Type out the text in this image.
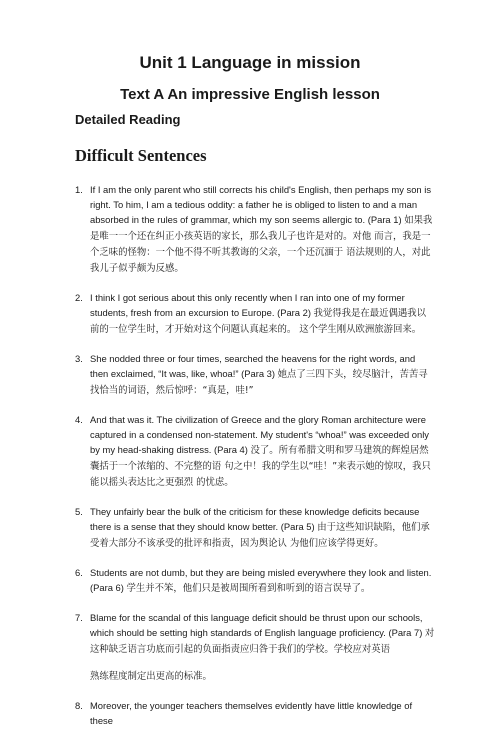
Unit 1 Language in mission
Text A An impressive English lesson
Detailed Reading
Difficult Sentences
1. If I am the only parent who still corrects his child's English, then perhaps my son is right. To him, I am a tedious oddity: a father he is obliged to listen to and a man absorbed in the rules of grammar, which my son seems allergic to. (Para 1) 如果我是唯一一个还在纠正小孩英语的家长，那么我儿子也许是对的。对他 而言，我是一个乏味的怪物：一个他不得不听其教诲的父亲，一个还沉湎于 语法规则的人，对此我儿子似乎颇为反感。
2. I think I got serious about this only recently when I ran into one of my former students, fresh from an excursion to Europe. (Para 2) 我觉得我是在最近偶遇我以前的一位学生时，才开始对这个问题认真起来的。 这个学生刚从欧洲旅游回来。
3. She nodded three or four times, searched the heavens for the right words, and then exclaimed, “It was, like, whoa!” (Para 3) 她点了三四下头，绞尽脑汁，苦苦寻找恰当的词语，然后惊呼：“真是，哇!”
4. And that was it. The civilization of Greece and the glory Roman architecture were captured in a condensed non-statement. My student's “whoa!” was exceeded only by my head-shaking distress. (Para 4) 没了。所有希腊文明和罗马建筑的辉煌居然囊括于一个浓缩的、不完整的语 句之中！我的学生以“哇！”来表示她的惊叹，我只能以摇头表达比之更强烈 的忧虑。
5. They unfairly bear the bulk of the criticism for these knowledge deficits because there is a sense that they should know better. (Para 5) 由于这些知识缺陷，他们承受着大部分不该承受的批评和指责，因为舆论认 为他们应该学得更好。
6. Students are not dumb, but they are being misled everywhere they look and listen. (Para 6) 学生并不笨，他们只是被周围所看到和听到的语言误导了。
7. Blame for the scandal of this language deficit should be thrust upon our schools, which should be setting high standards of English language proficiency. (Para 7) 对这种缺乏语言功底而引起的负面指责应归咎于我们的学校。学校应对英语
熟练程度制定出更高的标准。
8. Moreover, the younger teachers themselves evidently have little knowledge of these
